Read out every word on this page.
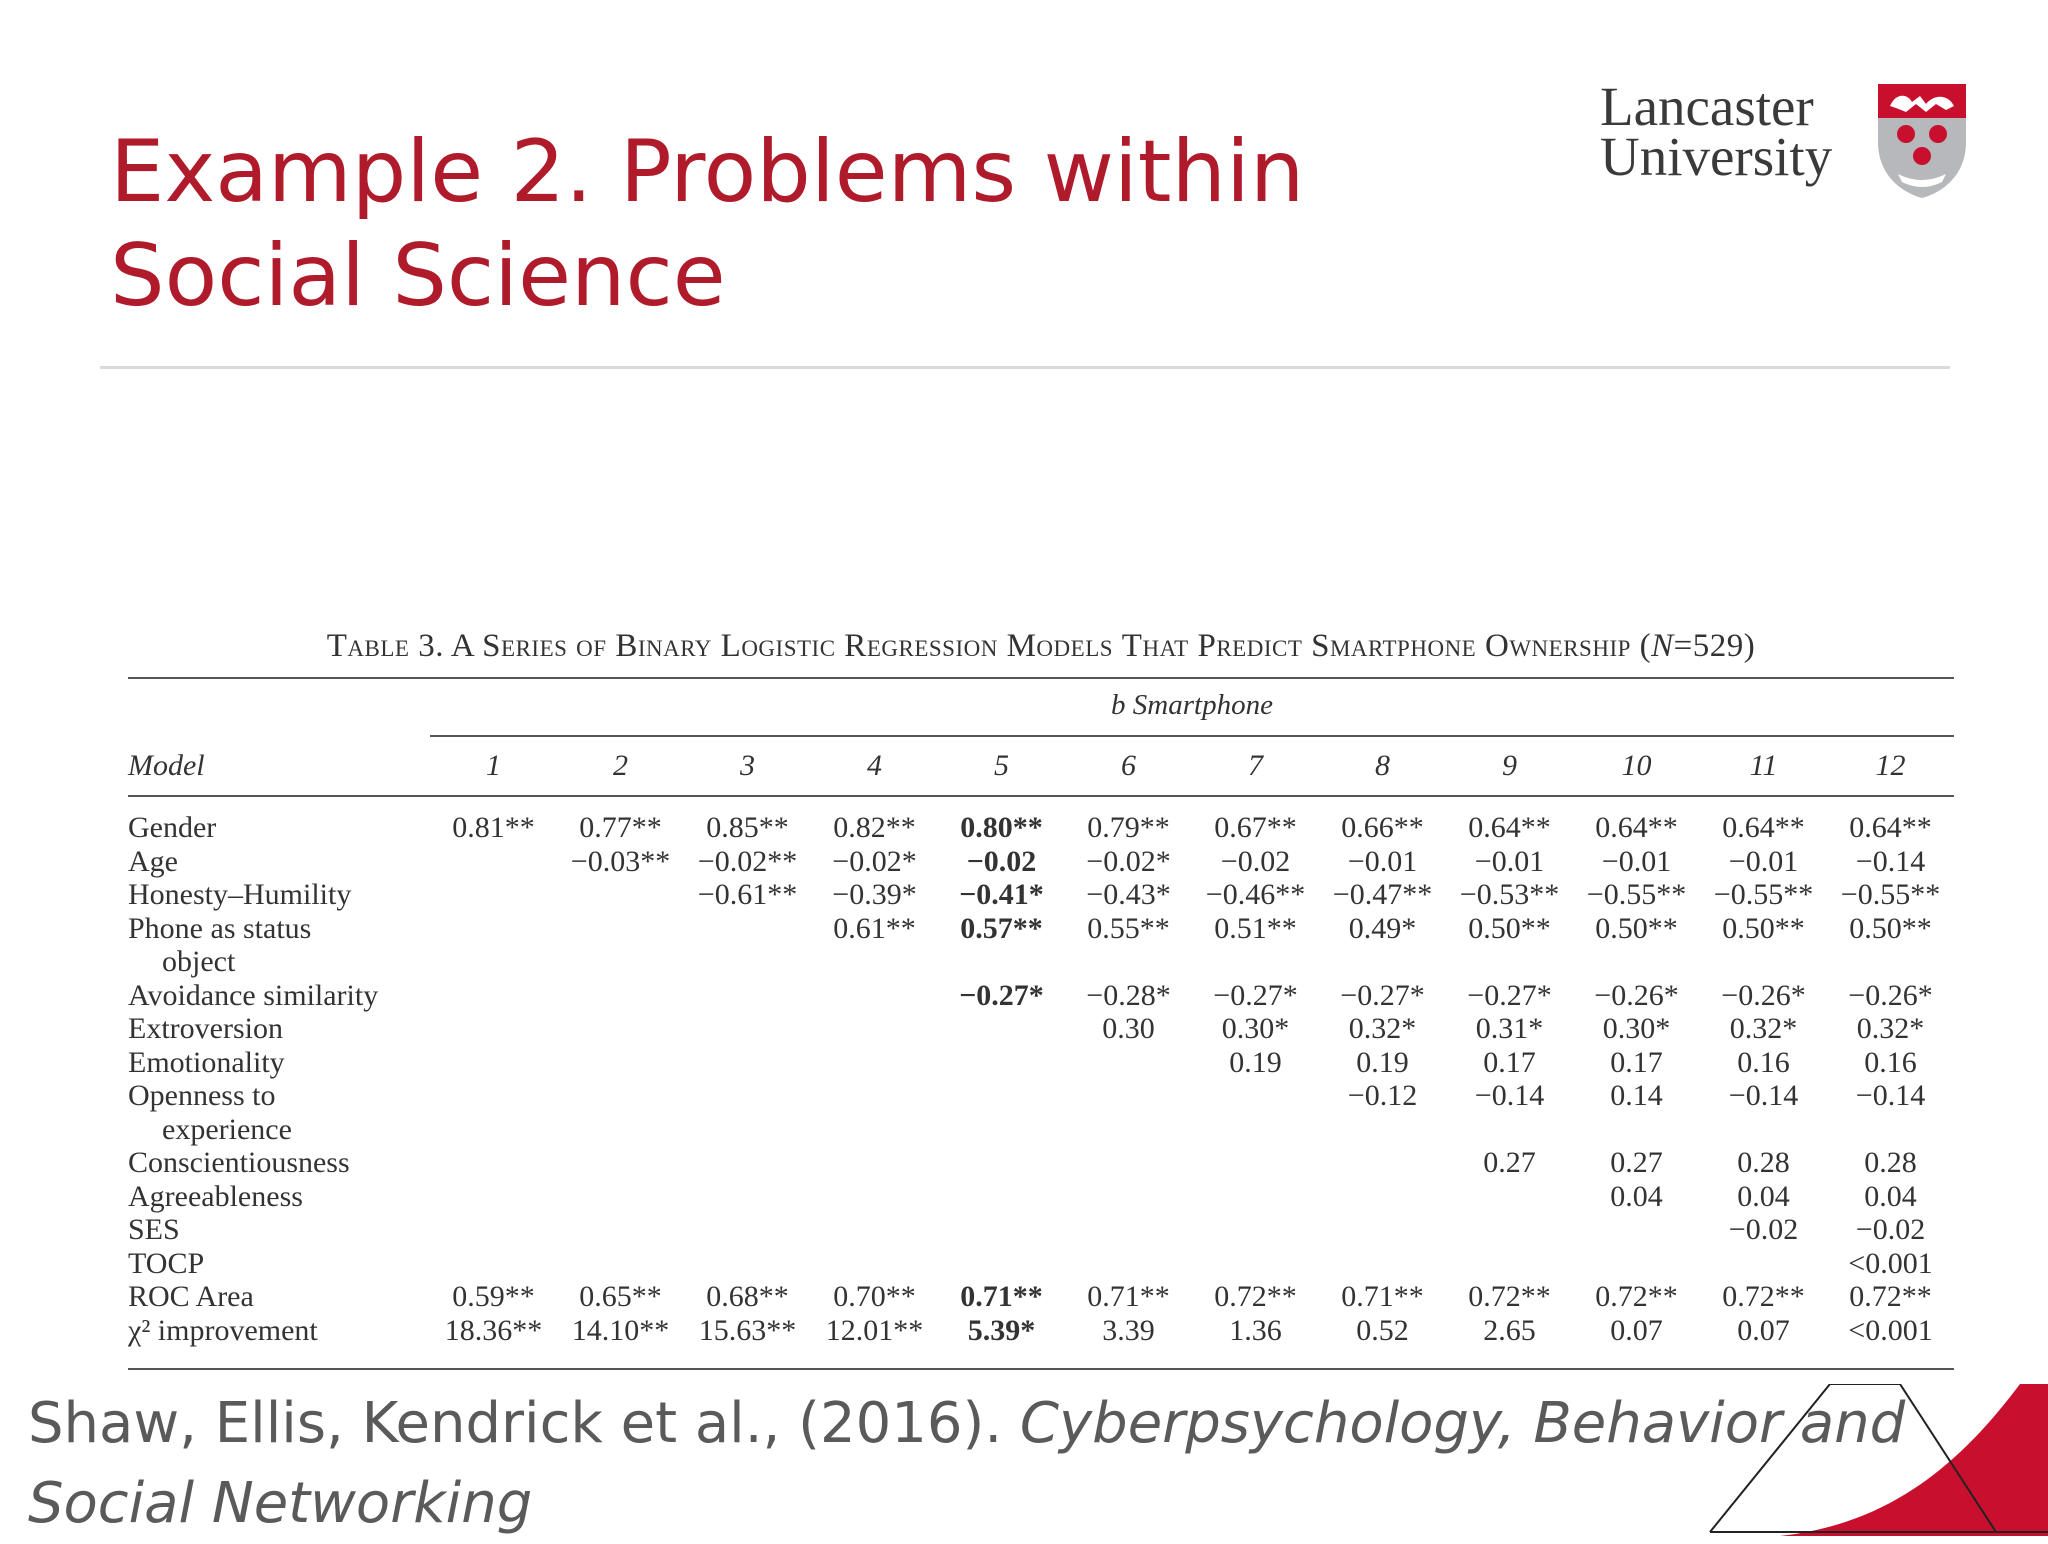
Example 2. Problems within Social Science
Lancaster
University
Table 3. A Series of Binary Logistic Regression Models That Predict Smartphone Ownership (N=529)
b Smartphone
Model	1	2	3	4	5	6	7	8	9	10	11	12
Gender	0.81**	0.77**	0.85**	0.82**	0.80**	0.79**	0.67**	0.66**	0.64**	0.64**	0.64**	0.64**
Age		−0.03**	−0.02**	−0.02*	−0.02	−0.02*	−0.02	−0.01	−0.01	−0.01	−0.01	−0.14
Honesty–Humility			−0.61**	−0.39*	−0.41*	−0.43*	−0.46**	−0.47**	−0.53**	−0.55**	−0.55**	−0.55**
Phone as status				0.61**	0.57**	0.55**	0.51**	0.49*	0.50**	0.50**	0.50**	0.50**
object												
Avoidance similarity					−0.27*	−0.28*	−0.27*	−0.27*	−0.27*	−0.26*	−0.26*	−0.26*
Extroversion						0.30	0.30*	0.32*	0.31*	0.30*	0.32*	0.32*
Emotionality							0.19	0.19	0.17	0.17	0.16	0.16
Openness to								−0.12	−0.14	0.14	−0.14	−0.14
experience												
Conscientiousness									0.27	0.27	0.28	0.28
Agreeableness										0.04	0.04	0.04
SES											−0.02	−0.02
TOCP												<0.001
ROC Area	0.59**	0.65**	0.68**	0.70**	0.71**	0.71**	0.72**	0.71**	0.72**	0.72**	0.72**	0.72**
χ² improvement	18.36**	14.10**	15.63**	12.01**	5.39*	3.39	1.36	0.52	2.65	0.07	0.07	<0.001
Shaw, Ellis, Kendrick et al., (2016). Cyberpsychology, Behavior and
Social Networking
